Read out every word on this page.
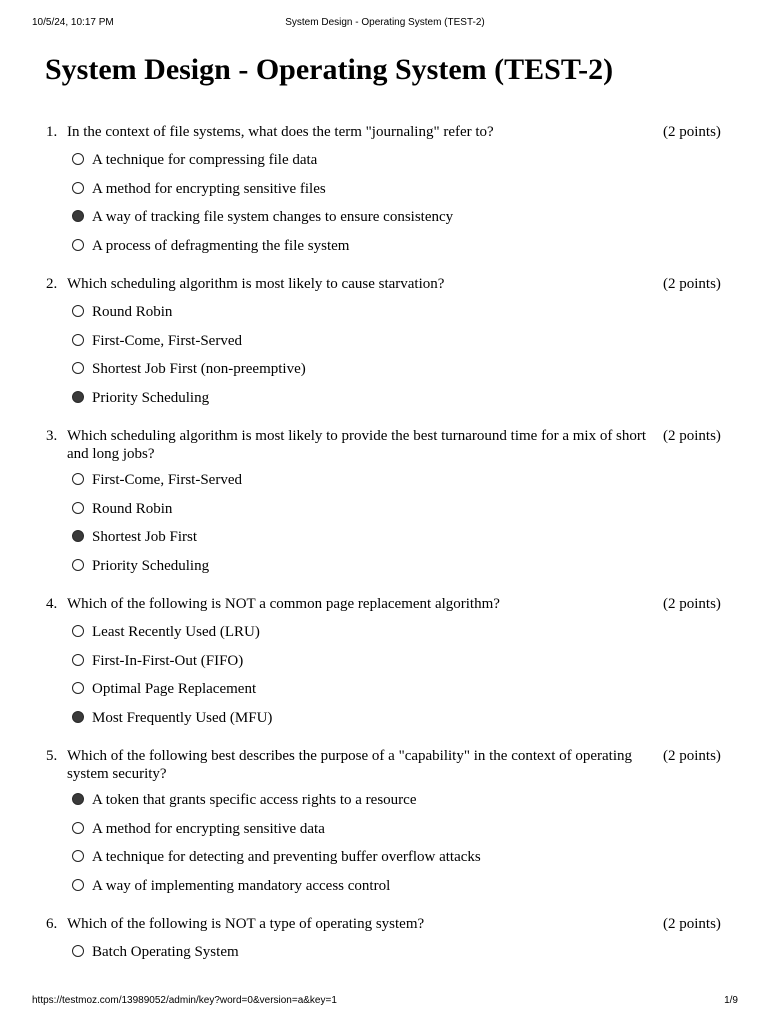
10/5/24, 10:17 PM	System Design - Operating System (TEST-2)
System Design - Operating System (TEST-2)
1. In the context of file systems, what does the term "journaling" refer to?	(2 points)
A technique for compressing file data
A method for encrypting sensitive files
A way of tracking file system changes to ensure consistency
A process of defragmenting the file system
2. Which scheduling algorithm is most likely to cause starvation?	(2 points)
Round Robin
First-Come, First-Served
Shortest Job First (non-preemptive)
Priority Scheduling
3. Which scheduling algorithm is most likely to provide the best turnaround time for a mix of short and long jobs?
(2 points)
First-Come, First-Served
Round Robin
Shortest Job First
Priority Scheduling
4. Which of the following is NOT a common page replacement algorithm?	(2 points)
Least Recently Used (LRU)
First-In-First-Out (FIFO)
Optimal Page Replacement
Most Frequently Used (MFU)
5. Which of the following best describes the purpose of a "capability" in the context of operating system security?
(2 points)
A token that grants specific access rights to a resource
A method for encrypting sensitive data
A technique for detecting and preventing buffer overflow attacks
A way of implementing mandatory access control
6. Which of the following is NOT a type of operating system?	(2 points)
Batch Operating System
https://testmoz.com/13989052/admin/key?word=0&version=a&key=1	1/9
